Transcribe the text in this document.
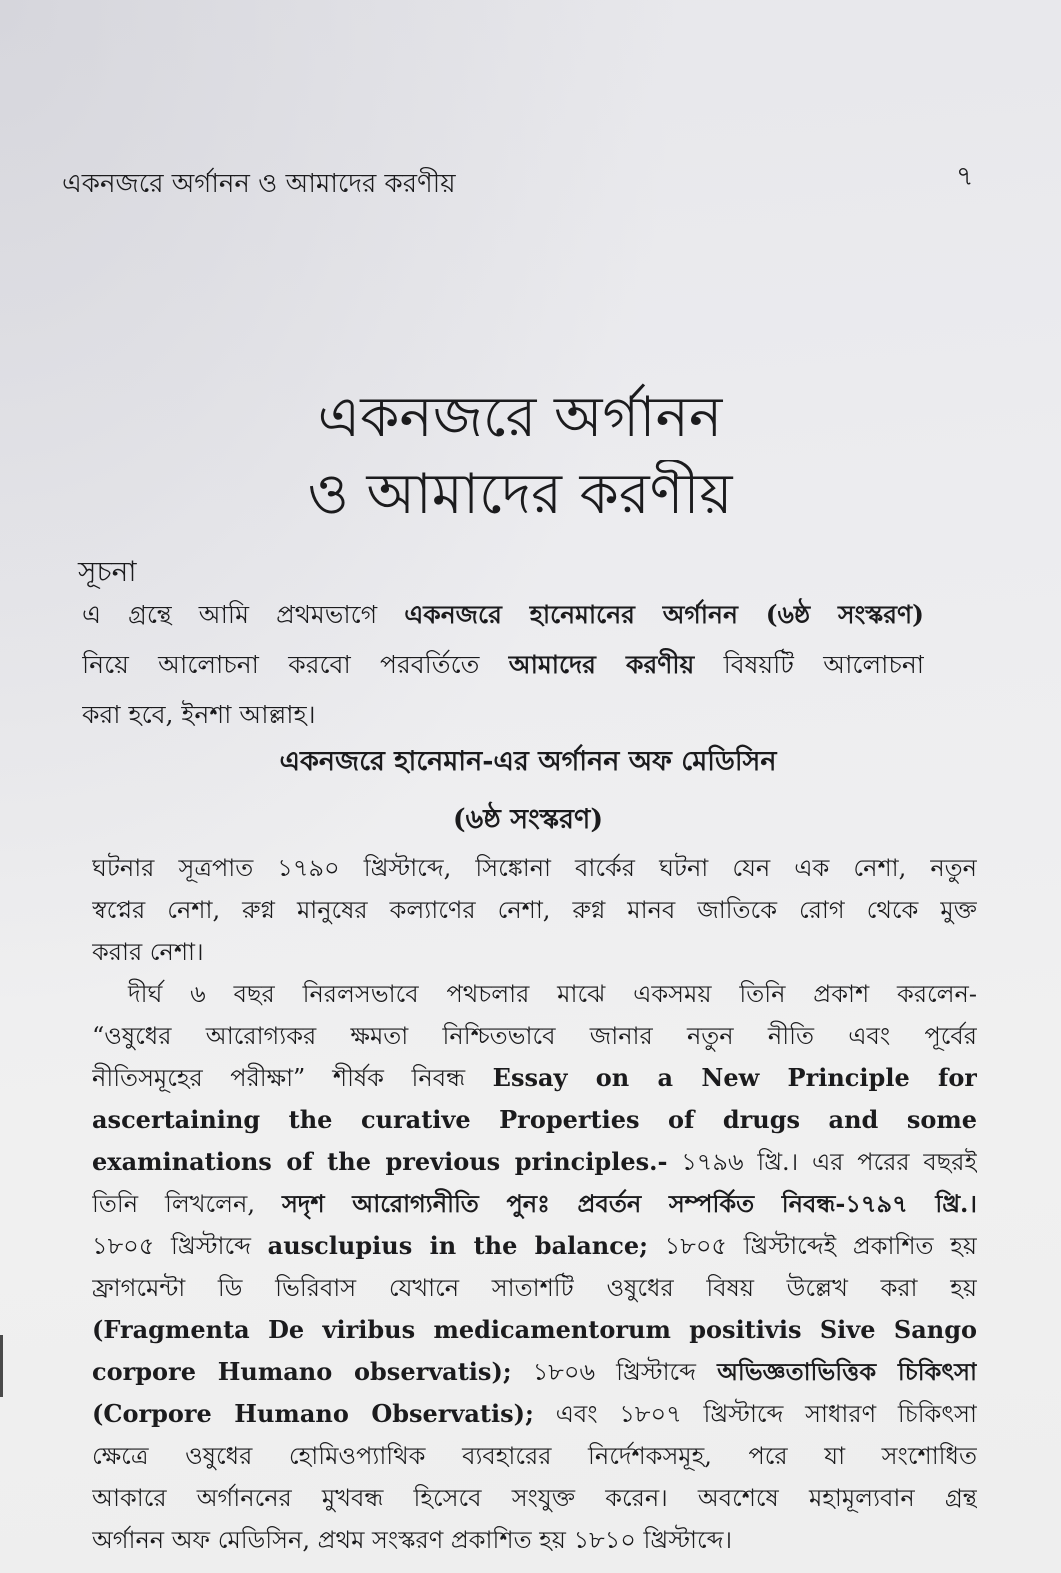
একনজরে অর্গানন ও আমাদের করণীয়	৭
একনজরে অর্গানন
ও আমাদের করণীয়
সূচনা
এ গ্রন্থে আমি প্রথমভাগে একনজরে হানেমানের অর্গানন (৬ষ্ঠ সংস্করণ)
নিয়ে আলোচনা করবো পরবর্তিতে আমাদের করণীয় বিষয়টি আলোচনা
করা হবে, ইনশা আল্লাহ।
একনজরে হানেমান-এর অর্গানন অফ মেডিসিন
(৬ষ্ঠ সংস্করণ)
ঘটনার সূত্রপাত ১৭৯০ খ্রিস্টাব্দে, সিঙ্কোনা বার্কের ঘটনা যেন এক নেশা, নতুন
স্বপ্নের নেশা, রুগ্ন মানুষের কল্যাণের নেশা, রুগ্ন মানব জাতিকে রোগ থেকে মুক্ত
করার নেশা।
দীর্ঘ ৬ বছর নিরলসভাবে পথচলার মাঝে একসময় তিনি প্রকাশ করলেন-
“ওষুধের আরোগ্যকর ক্ষমতা নিশ্চিতভাবে জানার নতুন নীতি এবং পূর্বের
নীতিসমূহের পরীক্ষা” শীর্ষক নিবন্ধ Essay on a New Principle for
ascertaining the curative Properties of drugs and some
examinations of the previous principles.- ১৭৯৬ খ্রি.। এর পরের বছরই
তিনি লিখলেন, সদৃশ আরোগ্যনীতি পুনঃ প্রবর্তন সম্পর্কিত নিবন্ধ-১৭৯৭ খ্রি.।
১৮০৫ খ্রিস্টাব্দে ausclupius in the balance; ১৮০৫ খ্রিস্টাব্দেই প্রকাশিত হয়
ফ্রাগমেন্টা ডি ভিরিবাস যেখানে সাতাশটি ওষুধের বিষয় উল্লেখ করা হয়
(Fragmenta De viribus medicamentorum positivis Sive Sango
corpore Humano observatis); ১৮০৬ খ্রিস্টাব্দে অভিজ্ঞতাভিত্তিক চিকিৎসা
(Corpore Humano Observatis); এবং ১৮০৭ খ্রিস্টাব্দে সাধারণ চিকিৎসা
ক্ষেত্রে ওষুধের হোমিওপ্যাথিক ব্যবহারের নির্দেশকসমূহ, পরে যা সংশোধিত
আকারে অর্গাননের মুখবন্ধ হিসেবে সংযুক্ত করেন। অবশেষে মহামূল্যবান গ্রন্থ
অর্গানন অফ মেডিসিন, প্রথম সংস্করণ প্রকাশিত হয় ১৮১০ খ্রিস্টাব্দে।
